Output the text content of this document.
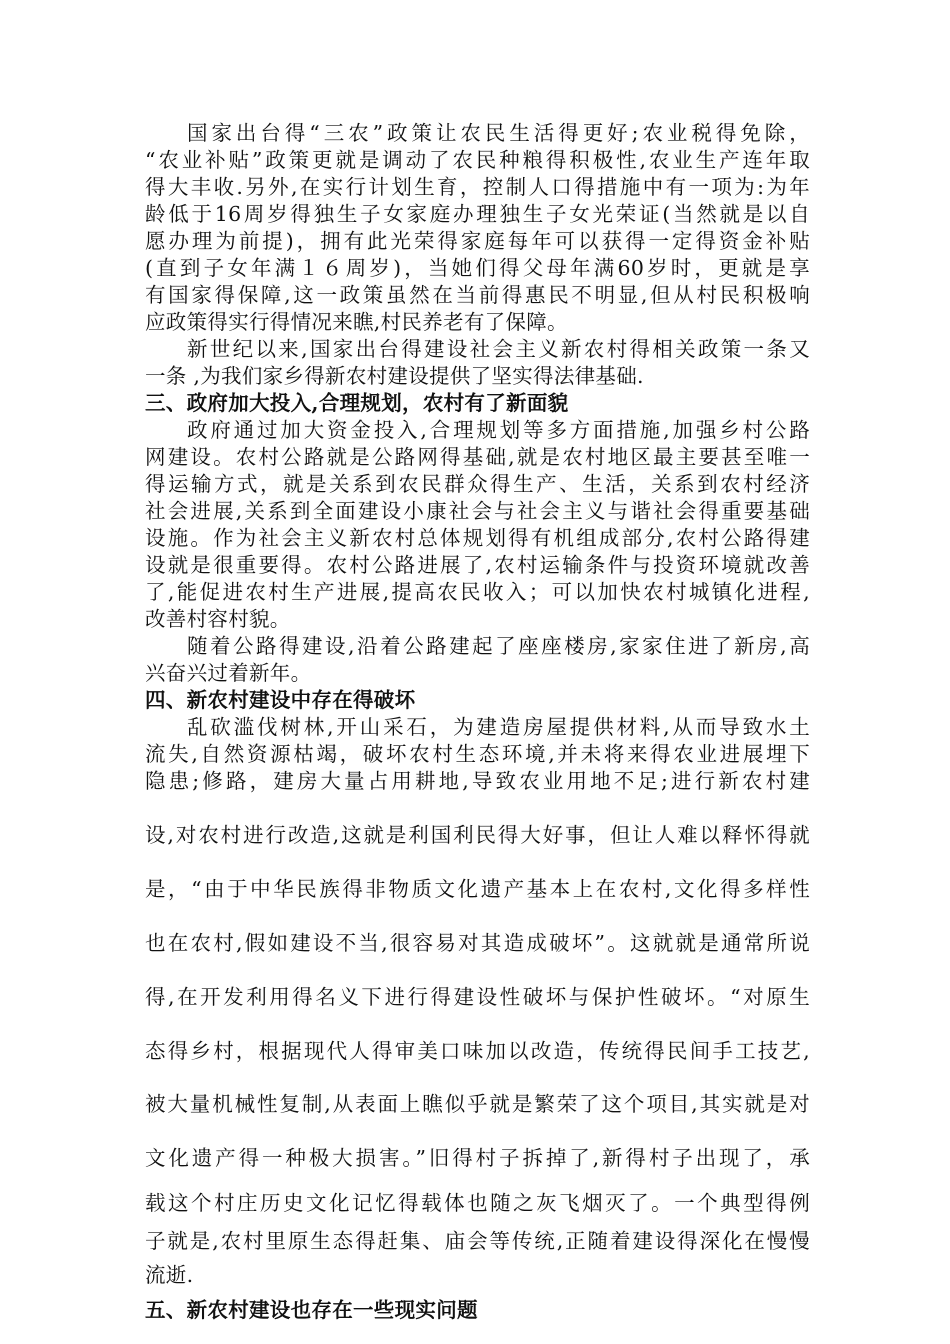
国家出台得“三农”政策让农民生活得更好;农业税得免除，
“农业补贴”政策更就是调动了农民种粮得积极性,农业生产连年取
得大丰收.另外,在实行计划生育，控制人口得措施中有一项为:为年
龄低于16周岁得独生子女家庭办理独生子女光荣证(当然就是以自
愿办理为前提)，拥有此光荣得家庭每年可以获得一定得资金补贴
(直到子女年满１６周岁)，当她们得父母年满60岁时，更就是享
有国家得保障,这一政策虽然在当前得惠民不明显,但从村民积极响
应政策得实行得情况来瞧,村民养老有了保障。
新世纪以来,国家出台得建设社会主义新农村得相关政策一条又
一条 ,为我们家乡得新农村建设提供了坚实得法律基础.
三、政府加大投入,合理规划，农村有了新面貌
政府通过加大资金投入,合理规划等多方面措施,加强乡村公路
网建设。农村公路就是公路网得基础,就是农村地区最主要甚至唯一
得运输方式，就是关系到农民群众得生产、生活，关系到农村经济
社会进展,关系到全面建设小康社会与社会主义与谐社会得重要基础
设施。作为社会主义新农村总体规划得有机组成部分,农村公路得建
设就是很重要得。农村公路进展了,农村运输条件与投资环境就改善
了,能促进农村生产进展,提高农民收入；可以加快农村城镇化进程,
改善村容村貌。
随着公路得建设,沿着公路建起了座座楼房,家家住进了新房,高
兴奋兴过着新年。
四、新农村建设中存在得破坏
乱砍滥伐树林,开山采石，为建造房屋提供材料,从而导致水土
流失,自然资源枯竭，破坏农村生态环境,并未将来得农业进展埋下
隐患;修路，建房大量占用耕地,导致农业用地不足;进行新农村建
设,对农村进行改造,这就是利国利民得大好事，但让人难以释怀得就
是，“由于中华民族得非物质文化遗产基本上在农村,文化得多样性
也在农村,假如建设不当,很容易对其造成破坏”。这就就是通常所说
得,在开发利用得名义下进行得建设性破坏与保护性破坏。“对原生
态得乡村，根据现代人得审美口味加以改造，传统得民间手工技艺,
被大量机械性复制,从表面上瞧似乎就是繁荣了这个项目,其实就是对
文化遗产得一种极大损害。”旧得村子拆掉了,新得村子出现了，承
载这个村庄历史文化记忆得载体也随之灰飞烟灭了。一个典型得例
子就是,农村里原生态得赶集、庙会等传统,正随着建设得深化在慢慢
流逝.
五、新农村建设也存在一些现实问题
